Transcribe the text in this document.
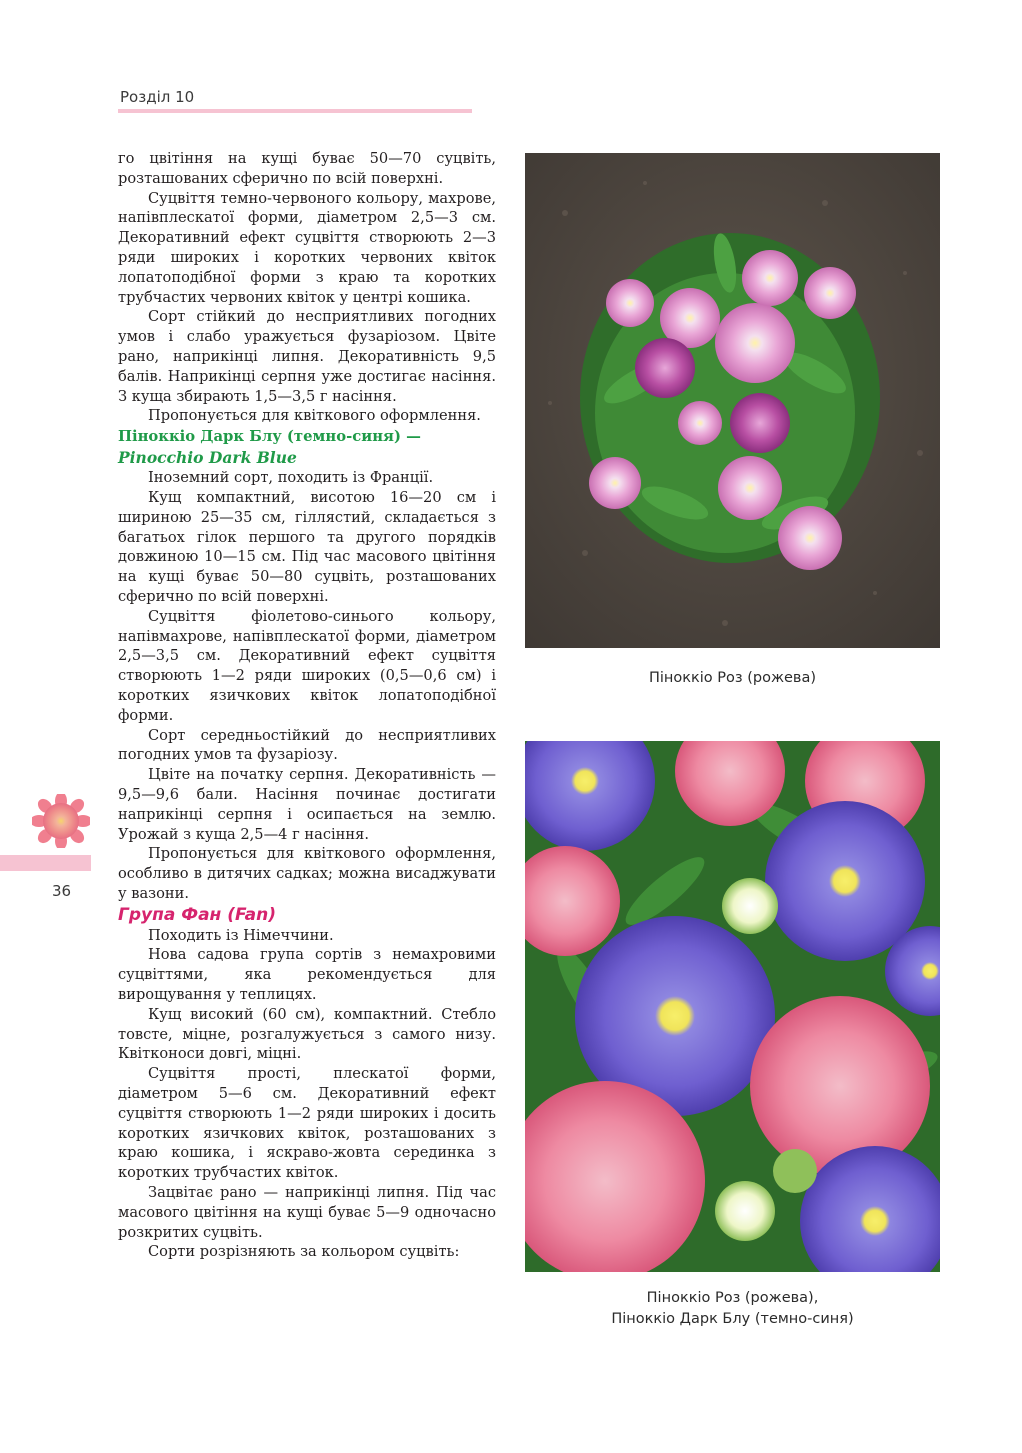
Розділ 10

го цвітіння на кущі буває 50—70 суцвіть, розташованих сферично по всій поверхні.

Суцвіття темно-червоного кольору, махрове, напівплескатої форми, діаметром 2,5—3 см. Декоративний ефект суцвіття створюють 2—3 ряди широких і коротких червоних квіток лопатоподібної форми з краю та коротких трубчастих червоних квіток у центрі кошика.

Сорт стійкий до несприятливих погодних умов і слабо уражується фузаріозом. Цвіте рано, наприкінці липня. Декоративність 9,5 балів. Наприкінці серпня уже достигає насіння. З куща збирають 1,5—3,5 г насіння.

Пропонується для квіткового оформлення.

Піноккіо Дарк Блу (темно-синя) —

Pinocchio Dark Blue

Іноземний сорт, походить із Франції.

Кущ компактний, висотою 16—20 см і шириною 25—35 см, гіллястий, складається з багатьох гілок першого та другого порядків довжиною 10—15 см. Під час масового цвітіння на кущі буває 50—80 суцвіть, розташованих сферично по всій поверхні.

Суцвіття фіолетово-синього кольору, напівмахрове, напівплескатої форми, діаметром 2,5—3,5 см. Декоративний ефект суцвіття створюють 1—2 ряди широких (0,5—0,6 см) і коротких язичкових квіток лопатоподібної форми.

Сорт середньостійкий до несприятливих погодних умов та фузаріозу.

Цвіте на початку серпня. Декоративність — 9,5—9,6 бали. Насіння починає достигати наприкінці серпня і осипається на землю. Урожай з куща 2,5—4 г насіння.

Пропонується для квіткового оформлення, особливо в дитячих садках; можна висаджувати у вазони.

Група Фан (Fan)

Походить із Німеччини.

Нова садова група сортів з немахровими суцвіттями, яка рекомендується для вирощування у теплицях.

Кущ високий (60 см), компактний. Стебло товсте, міцне, розгалужується з самого низу. Квітконоси довгі, міцні.

Суцвіття прості, плескатої форми, діаметром 5—6 см. Декоративний ефект суцвіття створюють 1—2 ряди широких і досить коротких язичкових квіток, розташованих з краю кошика, і яскраво-жовта серединка з коротких трубчастих квіток.

Зацвітає рано — наприкінці липня. Під час масового цвітіння на кущі буває 5—9 одночасно розкритих суцвіть.

Сорти розрізняють за кольором суцвіть:

Піноккіо Роз (рожева)
Піноккіо Роз (рожева),
Піноккіо Дарк Блу (темно-синя)
36
